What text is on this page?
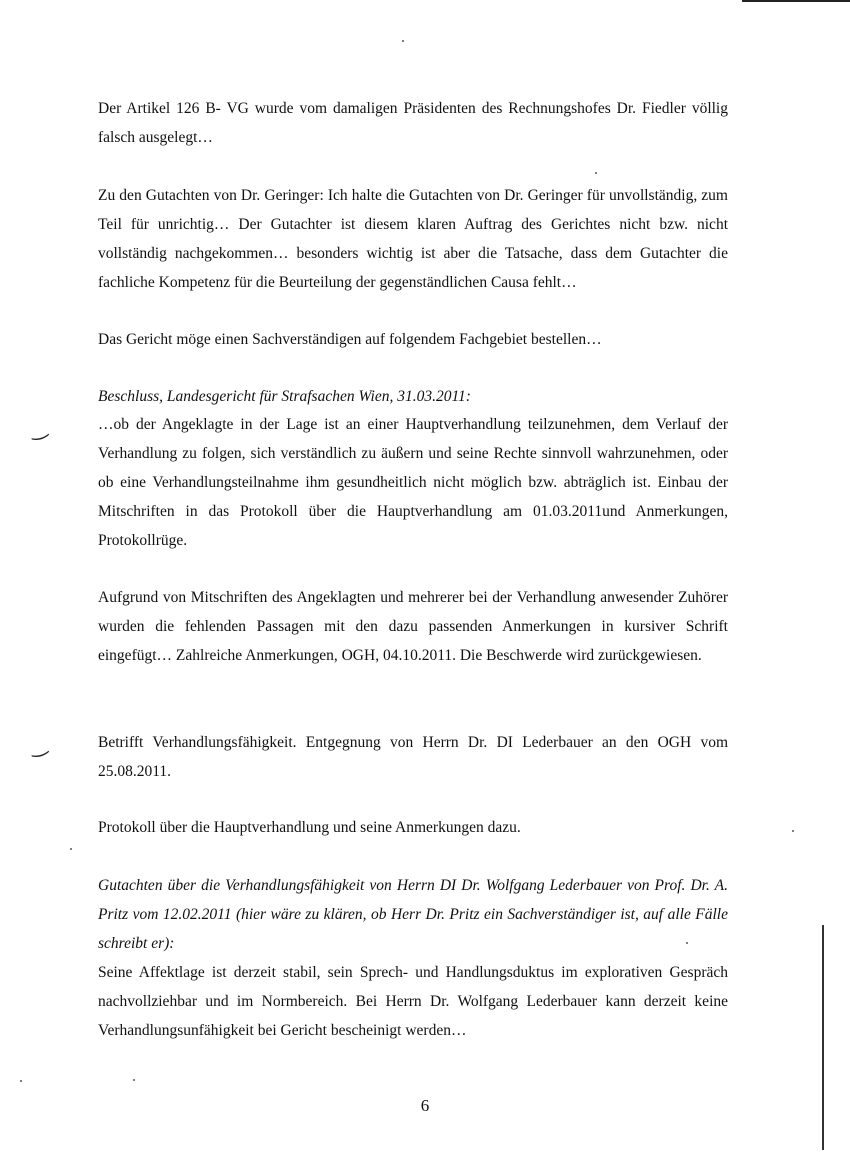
Der Artikel 126 B- VG wurde vom damaligen Präsidenten des Rechnungshofes Dr. Fiedler völlig falsch ausgelegt…

Zu den Gutachten von Dr. Geringer: Ich halte die Gutachten von Dr. Geringer für unvollständig, zum Teil für unrichtig… Der Gutachter ist diesem klaren Auftrag des Gerichtes nicht bzw. nicht vollständig nachgekommen… besonders wichtig ist aber die Tatsache, dass dem Gutachter die fachliche Kompetenz für die Beurteilung der gegenständlichen Causa fehlt…

Das Gericht möge einen Sachverständigen auf folgendem Fachgebiet bestellen…

Beschluss, Landesgericht für Strafsachen Wien, 31.03.2011:

‿	…ob der Angeklagte in der Lage ist an einer Hauptverhandlung teilzunehmen, dem Verlauf der Verhandlung zu folgen, sich verständlich zu äußern und seine Rechte sinnvoll wahrzunehmen, oder ob eine Verhandlungsteilnahme ihm gesundheitlich nicht möglich bzw. abträglich ist. Einbau der Mitschriften in das Protokoll über die Hauptverhandlung am 01.03.2011und Anmerkungen, Protokollrüge.

Aufgrund von Mitschriften des Angeklagten und mehrerer bei der Verhandlung anwesender Zuhörer wurden die fehlenden Passagen mit den dazu passenden Anmerkungen in kursiver Schrift eingefügt… Zahlreiche Anmerkungen, OGH, 04.10.2011. Die Beschwerde wird zurückgewiesen.

‿	Betrifft Verhandlungsfähigkeit. Entgegnung von Herrn Dr. DI Lederbauer an den OGH vom 25.08.2011.

Protokoll über die Hauptverhandlung und seine Anmerkungen dazu.

Gutachten über die Verhandlungsfähigkeit von Herrn DI Dr. Wolfgang Lederbauer von Prof. Dr. A. Pritz vom 12.02.2011 (hier wäre zu klären, ob Herr Dr. Pritz ein Sachverständiger ist, auf alle Fälle schreibt er):

Seine Affektlage ist derzeit stabil, sein Sprech- und Handlungsduktus im explorativen Gespräch nachvollziehbar und im Normbereich. Bei Herrn Dr. Wolfgang Lederbauer kann derzeit keine Verhandlungsunfähigkeit bei Gericht bescheinigt werden…

6
